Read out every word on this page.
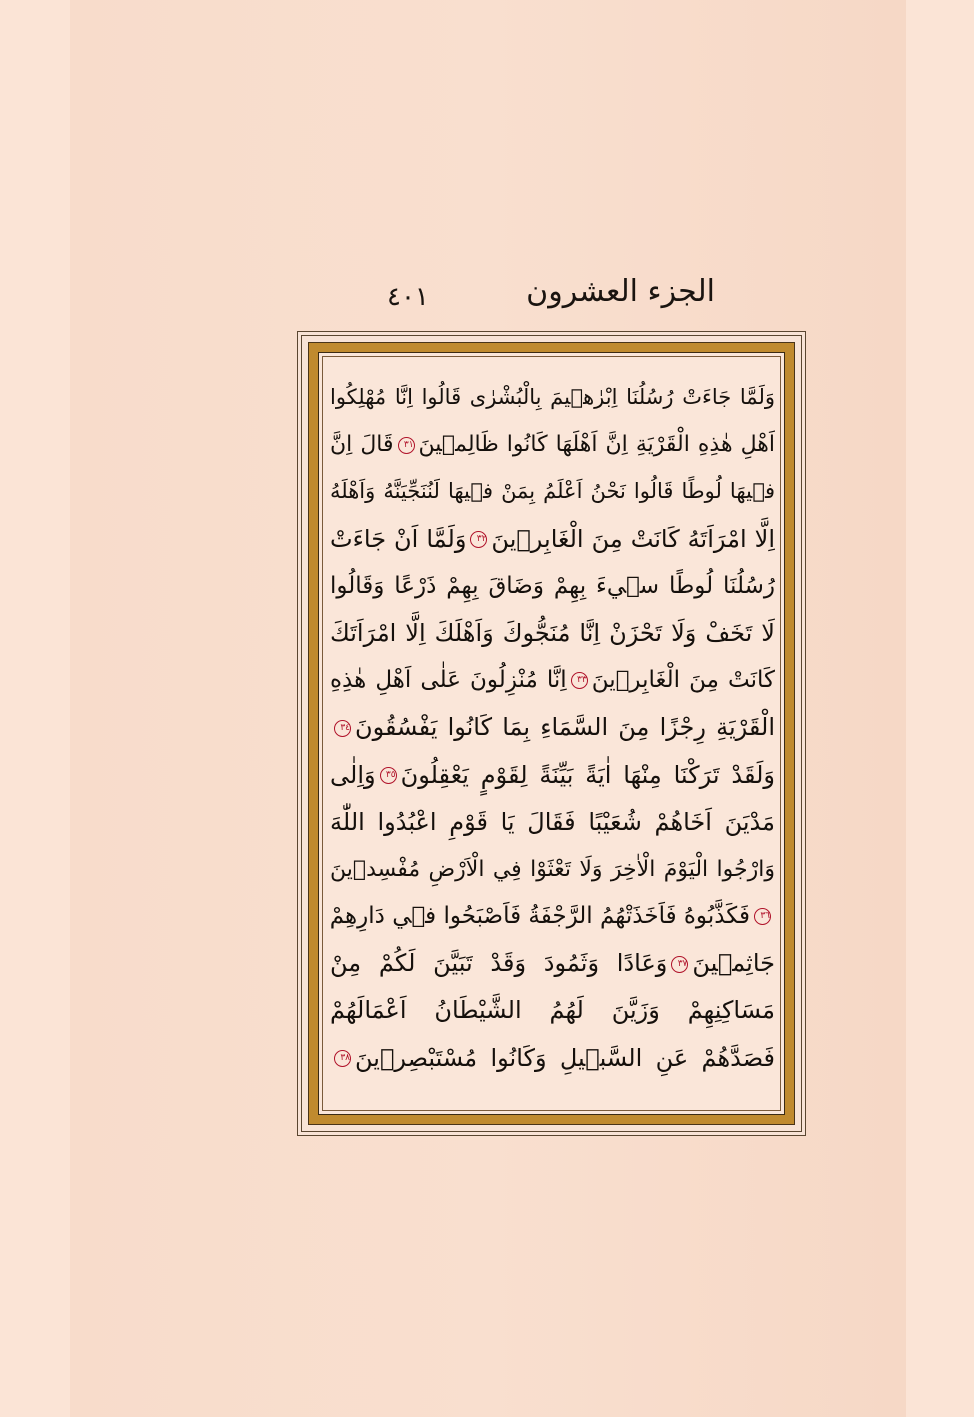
الجزء العشرون
٤٠١
وَلَمَّا جَاءَتْ رُسُلُنَا اِبْرٰهٖيمَ بِالْبُشْرٰى قَالُوا اِنَّا مُهْلِكُوا
اَهْلِ هٰذِهِ الْقَرْيَةِ اِنَّ اَهْلَهَا كَانُوا ظَالِمٖينَ٣١قَالَ اِنَّ
فٖيهَا لُوطًا قَالُوا نَحْنُ اَعْلَمُ بِمَنْ فٖيهَا لَنُنَجِّيَنَّهُ وَاَهْلَهُ
اِلَّا امْرَاَتَهُ كَانَتْ مِنَ الْغَابِرٖينَ٣٢وَلَمَّا اَنْ جَاءَتْ
رُسُلُنَا لُوطًا سٖيءَ بِهِمْ وَضَاقَ بِهِمْ ذَرْعًا وَقَالُوا
لَا تَخَفْ وَلَا تَحْزَنْ اِنَّا مُنَجُّوكَ وَاَهْلَكَ اِلَّا امْرَاَتَكَ
كَانَتْ مِنَ الْغَابِرٖينَ٣٣اِنَّا مُنْزِلُونَ عَلٰى اَهْلِ هٰذِهِ
الْقَرْيَةِ رِجْزًا مِنَ السَّمَاءِ بِمَا كَانُوا يَفْسُقُونَ٣٤
وَلَقَدْ تَرَكْنَا مِنْهَا اٰيَةً بَيِّنَةً لِقَوْمٍ يَعْقِلُونَ٣٥وَاِلٰى
مَدْيَنَ اَخَاهُمْ شُعَيْبًا فَقَالَ يَا قَوْمِ اعْبُدُوا اللّٰهَ
وَارْجُوا الْيَوْمَ الْاٰخِرَ وَلَا تَعْثَوْا فِي الْاَرْضِ مُفْسِدٖينَ
٣٦فَكَذَّبُوهُ فَاَخَذَتْهُمُ الرَّجْفَةُ فَاَصْبَحُوا فٖي دَارِهِمْ
جَاثِمٖينَ٣٧وَعَادًا وَثَمُودَ وَقَدْ تَبَيَّنَ لَكُمْ مِنْ
مَسَاكِنِهِمْ وَزَيَّنَ لَهُمُ الشَّيْطَانُ اَعْمَالَهُمْ
فَصَدَّهُمْ عَنِ السَّبٖيلِ وَكَانُوا مُسْتَبْصِرٖينَ٣٨
